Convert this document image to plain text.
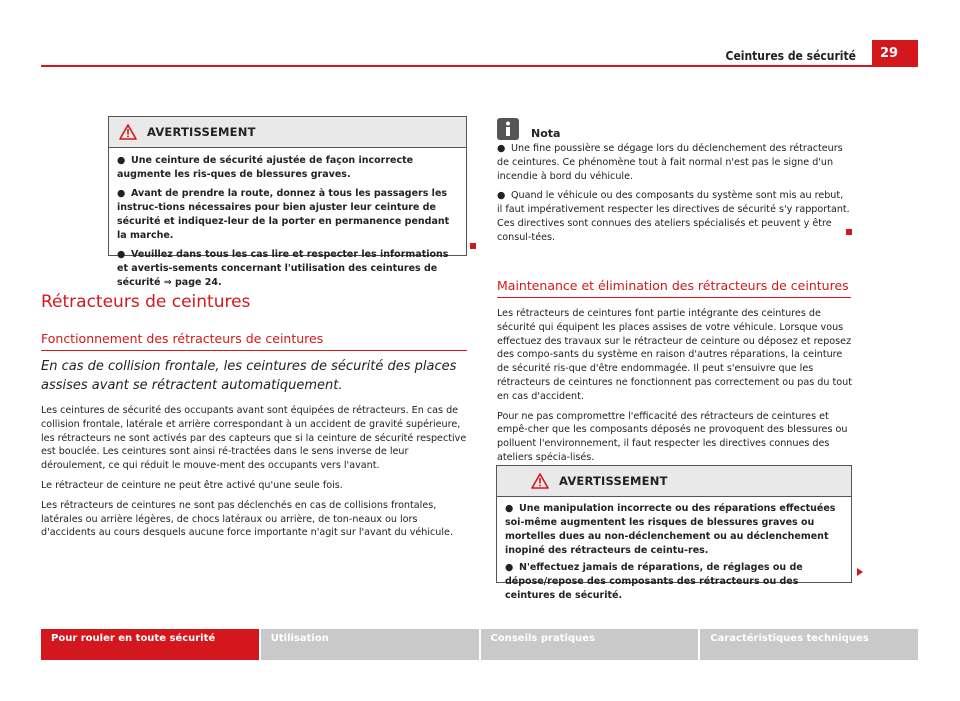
Ceintures de sécurité	29
AVERTISSEMENT

● Une ceinture de sécurité ajustée de façon incorrecte augmente les ris-ques de blessures graves.

● Avant de prendre la route, donnez à tous les passagers les instruc-tions nécessaires pour bien ajuster leur ceinture de sécurité et indiquez-leur de la porter en permanence pendant la marche.

● Veuillez dans tous les cas lire et respecter les informations et avertis-sements concernant l'utilisation des ceintures de sécurité ⇒ page 24.

Rétracteurs de ceintures
Fonctionnement des rétracteurs de ceintures
En cas de collision frontale, les ceintures de sécurité des places assises avant se rétractent automatiquement.

Les ceintures de sécurité des occupants avant sont équipées de rétracteurs. En cas de collision frontale, latérale et arrière correspondant à un accident de gravité supérieure, les rétracteurs ne sont activés par des capteurs que si la ceinture de sécurité respective est bouclée. Les ceintures sont ainsi ré-tractées dans le sens inverse de leur déroulement, ce qui réduit le mouve-ment des occupants vers l'avant.

Le rétracteur de ceinture ne peut être activé qu'une seule fois.

Les rétracteurs de ceintures ne sont pas déclenchés en cas de collisions frontales, latérales ou arrière légères, de chocs latéraux ou arrière, de ton-neaux ou lors d'accidents au cours desquels aucune force importante n'agit sur l'avant du véhicule.

Nota

● Une fine poussière se dégage lors du déclenchement des rétracteurs de ceintures. Ce phénomène tout à fait normal n'est pas le signe d'un incendie à bord du véhicule.

● Quand le véhicule ou des composants du système sont mis au rebut, il faut impérativement respecter les directives de sécurité s'y rapportant. Ces directives sont connues des ateliers spécialisés et peuvent y être consul-tées.

Maintenance et élimination des rétracteurs de ceintures

Les rétracteurs de ceintures font partie intégrante des ceintures de sécurité qui équipent les places assises de votre véhicule. Lorsque vous effectuez des travaux sur le rétracteur de ceinture ou déposez et reposez des compo-sants du système en raison d'autres réparations, la ceinture de sécurité ris-que d'être endommagée. Il peut s'ensuivre que les rétracteurs de ceintures ne fonctionnent pas correctement ou pas du tout en cas d'accident.

Pour ne pas compromettre l'efficacité des rétracteurs de ceintures et empê-cher que les composants déposés ne provoquent des blessures ou polluent l'environnement, il faut respecter les directives connues des ateliers spécia-lisés.

AVERTISSEMENT

● Une manipulation incorrecte ou des réparations effectuées soi-même augmentent les risques de blessures graves ou mortelles dues au non-déclenchement ou au déclenchement inopiné des rétracteurs de ceintu-res.

● N'effectuez jamais de réparations, de réglages ou de dépose/repose des composants des rétracteurs ou des ceintures de sécurité.

Pour rouler en toute sécurité	Utilisation	Conseils pratiques	Caractéristiques techniques
